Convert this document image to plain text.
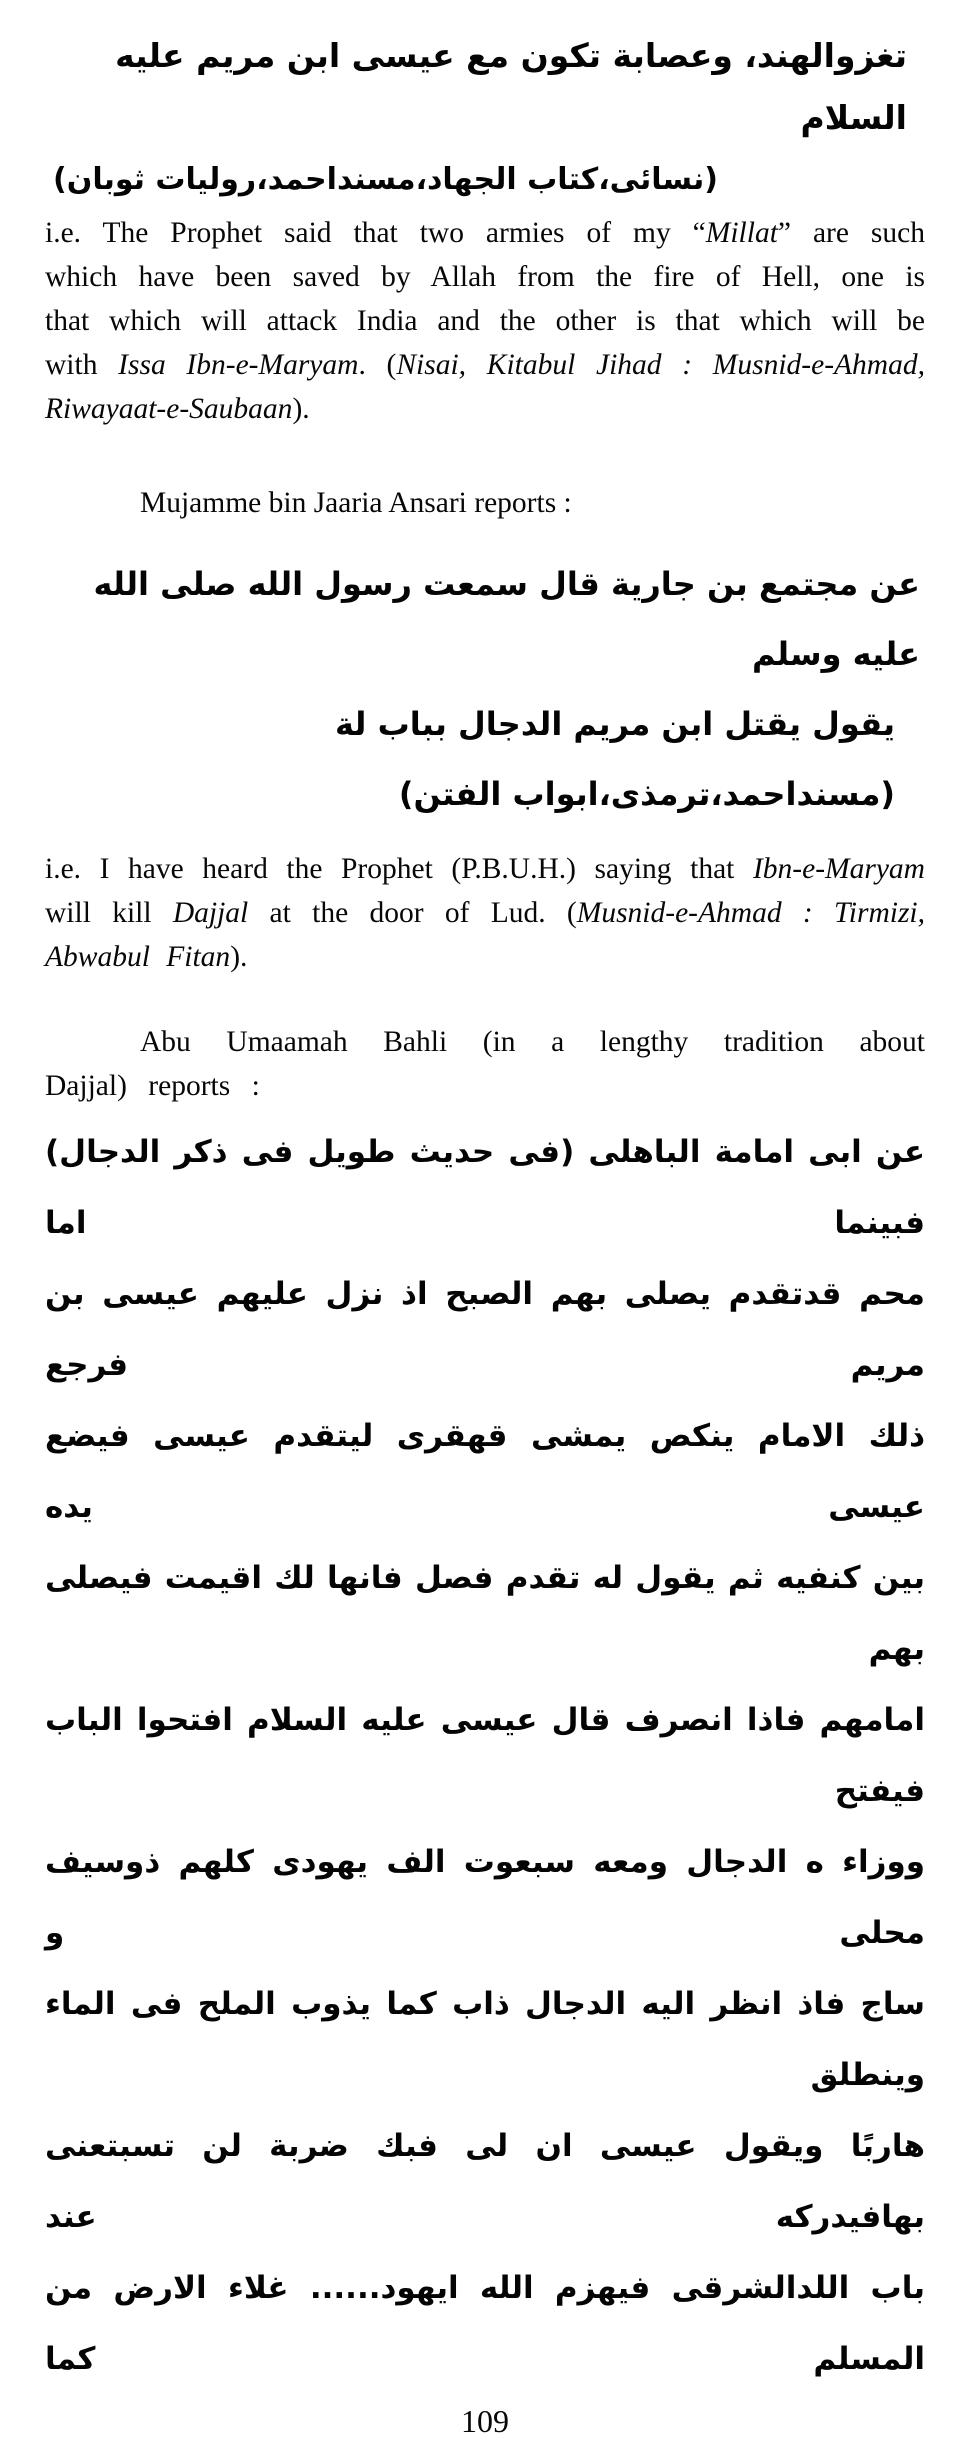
تغزوالهند، وعصابة تكون مع عيسى ابن مريم عليه السلام
(نسائى،كتاب الجهاد،مسنداحمد،روليات ثوبان)

i.e. The Prophet said that two armies of my “Millat” are such which have been saved by Allah from the fire of Hell, one is that which will attack India and the other is that which will be with Issa Ibn-e-Maryam. (Nisai, Kitabul Jihad : Musnid-e-Ahmad, Riwayaat-e-Saubaan).

Mujamme bin Jaaria Ansari reports :

عن مجتمع بن جارية قال سمعت رسول الله صلى الله عليه وسلم
يقول يقتل ابن مريم الدجال بباب لة (مسنداحمد،ترمذى،ابواب الفتن)

i.e. I have heard the Prophet (P.B.U.H.) saying that Ibn-e-Maryam will kill Dajjal at the door of Lud. (Musnid-e-Ahmad : Tirmizi, Abwabul Fitan).

Abu Umaamah Bahli (in a lengthy tradition about Dajjal) reports :

عن ابى امامة الباهلى (فى حديث طويل فى ذكر الدجال) فبينما اما
محم قدتقدم يصلى بهم الصبح اذ نزل عليهم عيسى بن مريم فرجع
ذلك الامام ينكص يمشى قهقرى ليتقدم عيسى فيضع عيسى يده
بين كنفيه ثم يقول له تقدم فصل فانها لك اقيمت فيصلى بهم
امامهم فاذا انصرف قال عيسى عليه السلام افتحوا الباب فيفتح
ووزاء ه الدجال ومعه سبعوت الف يهودى كلهم ذوسيف محلى و
ساج فاذ انظر اليه الدجال ذاب كما يذوب الملح فى الماء وينطلق
هاربًا ويقول عيسى ان لى فبك ضربة لن تسبتعنى بهافيدركه عند
باب اللدالشرقى فيهزم الله ايهود...... غلاء الارض من المسلم كما
109
